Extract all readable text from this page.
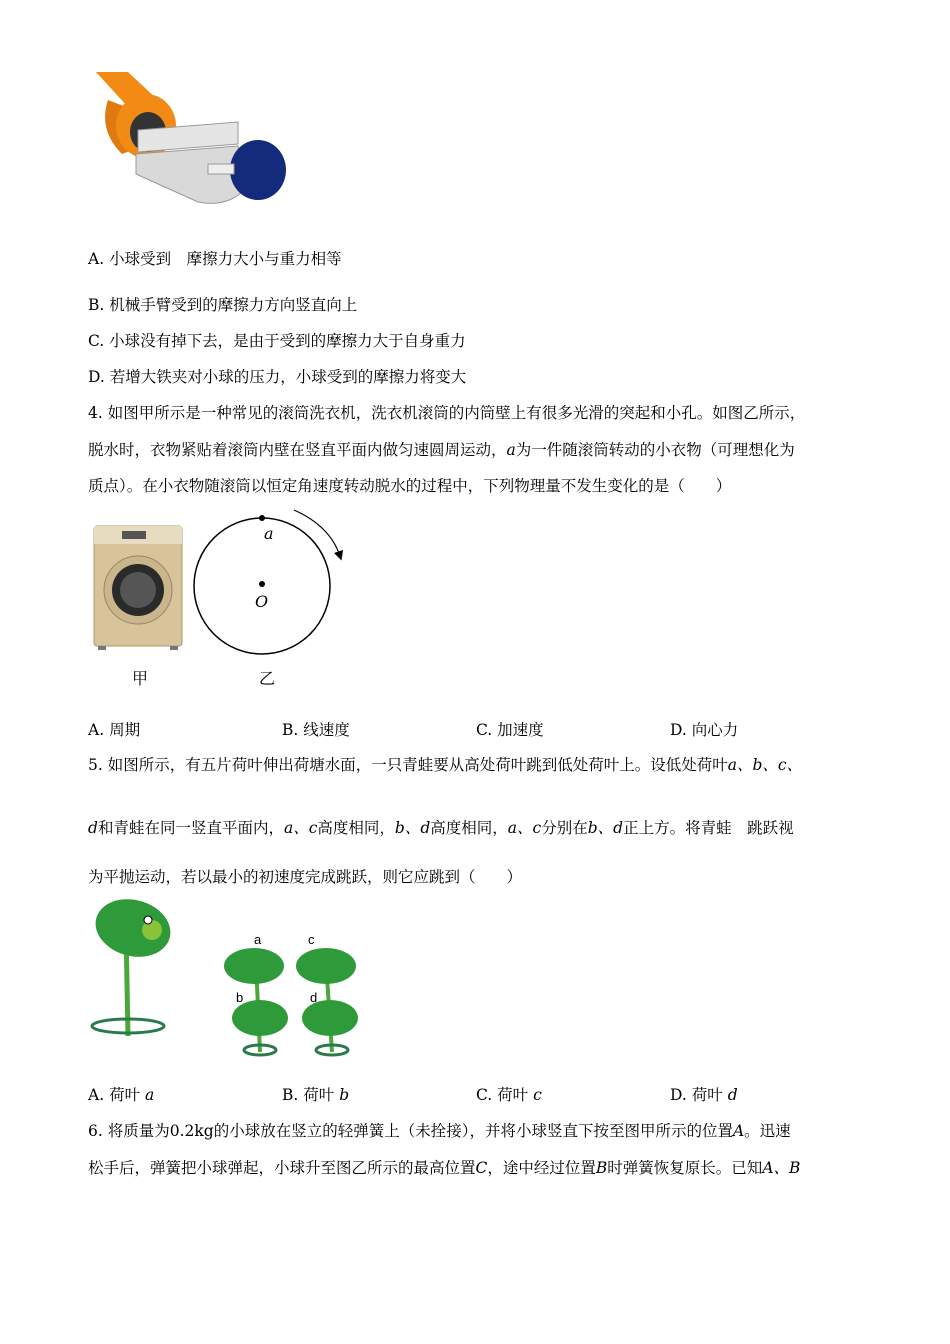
A. 小球受到　摩擦力大小与重力相等
B. 机械手臂受到的摩擦力方向竖直向上
C. 小球没有掉下去，是由于受到的摩擦力大于自身重力
D. 若增大铁夹对小球的压力，小球受到的摩擦力将变大
4. 如图甲所示是一种常见的滚筒洗衣机，洗衣机滚筒的内筒壁上有很多光滑的突起和小孔。如图乙所示，
脱水时，衣物紧贴着滚筒内壁在竖直平面内做匀速圆周运动，a为一件随滚筒转动的小衣物（可理想化为
质点）。在小衣物随滚筒以恒定角速度转动脱水的过程中，下列物理量不发生变化的是（　　）
甲
a
O
乙
A. 周期	B. 线速度	C. 加速度	D. 向心力
5. 如图所示，有五片荷叶伸出荷塘水面，一只青蛙要从高处荷叶跳到低处荷叶上。设低处荷叶a、b、c、
d和青蛙在同一竖直平面内，a、c高度相同，b、d高度相同，a、c分别在b、d正上方。将青蛙　跳跃视
为平抛运动，若以最小的初速度完成跳跃，则它应跳到（　　）
a
b
c
d
A. 荷叶 a	B. 荷叶 b	C. 荷叶 c	D. 荷叶 d
6. 将质量为0.2kg的小球放在竖立的轻弹簧上（未拴接），并将小球竖直下按至图甲所示的位置A。迅速
松手后，弹簧把小球弹起，小球升至图乙所示的最高位置C，途中经过位置B时弹簧恢复原长。已知A、B
